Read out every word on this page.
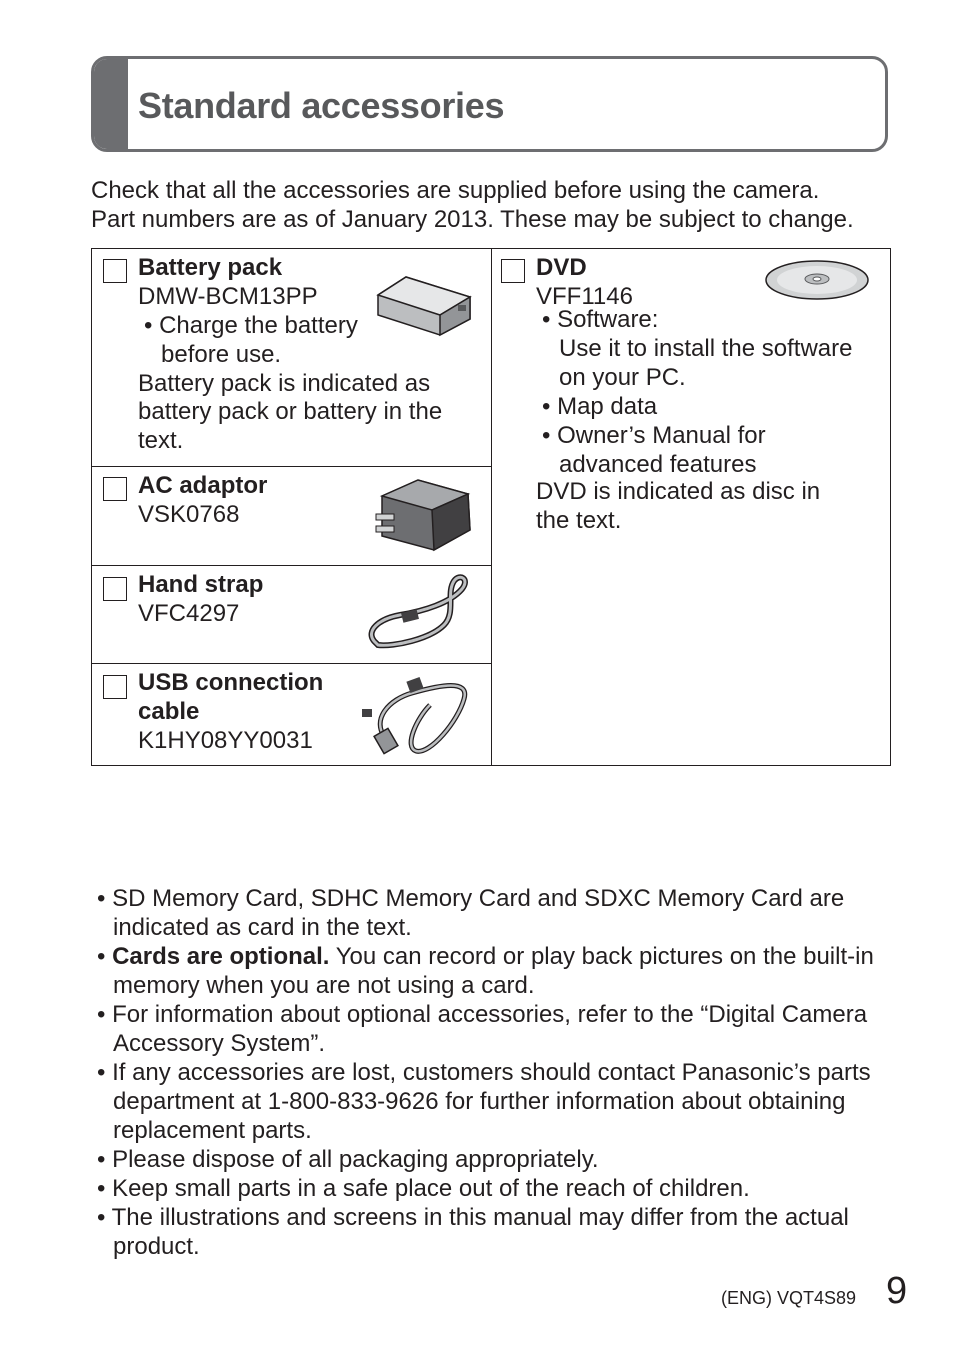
Standard accessories

Check that all the accessories are supplied before using the camera.

Part numbers are as of January 2013. These may be subject to change.

Battery pack
DMW-BCM13PP
• Charge the battery
before use.
Battery pack is indicated as
battery pack or battery in the
text.
AC adaptor
VSK0768
Hand strap
VFC4297
USB connection
cable
K1HY08YY0031
DVD
VFF1146
• Software:
Use it to install the software
on your PC.
• Map data
• Owner’s Manual for
advanced features
DVD is indicated as disc in
the text.
• SD Memory Card, SDHC Memory Card and SDXC Memory Card are indicated as card in the text.
• Cards are optional. You can record or play back pictures on the built-in memory when you are not using a card.
• For information about optional accessories, refer to the “Digital Camera Accessory System”.
• If any accessories are lost, customers should contact Panasonic’s parts department at 1-800-833-9626 for further information about obtaining replacement parts.
• Please dispose of all packaging appropriately.
• Keep small parts in a safe place out of the reach of children.
• The illustrations and screens in this manual may differ from the actual product.
(ENG) VQT4S89 9
